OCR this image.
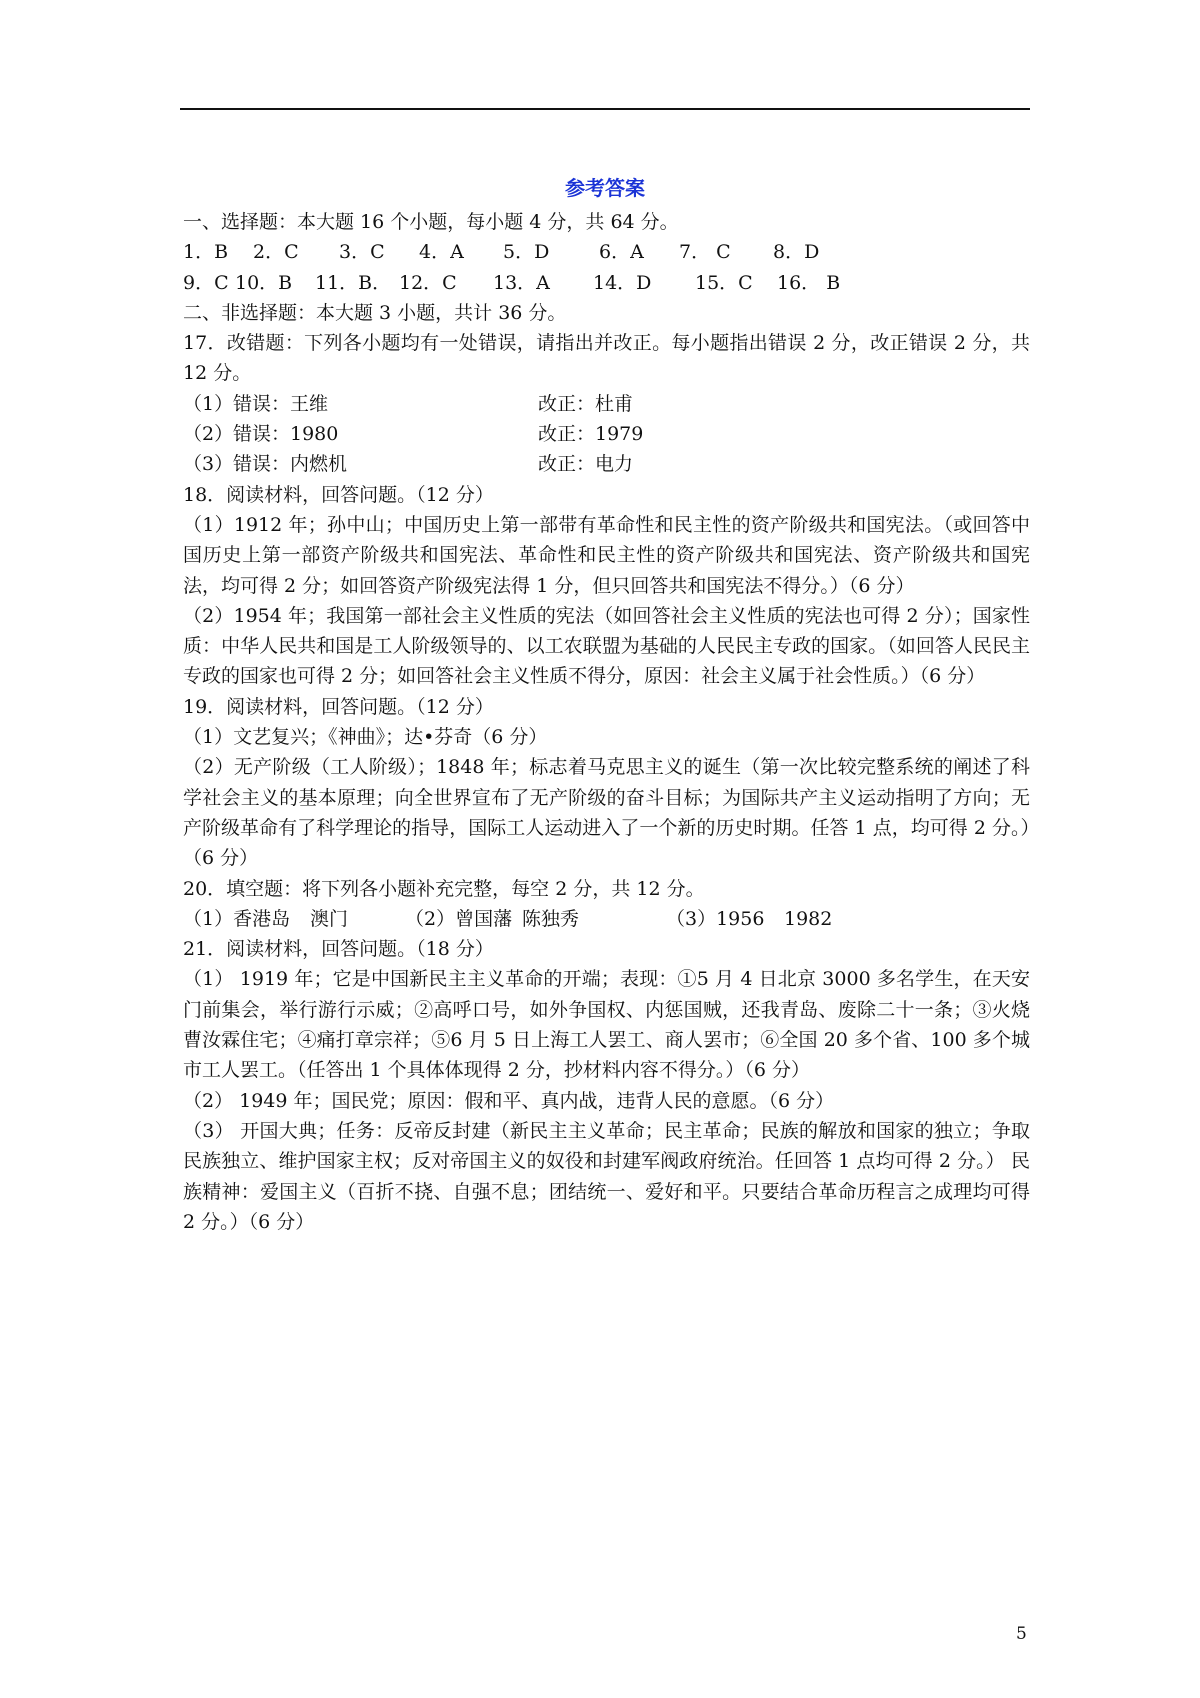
参考答案
一、选择题：本大题 16 个小题，每小题 4 分，共 64 分。
1．B 2．C 3．C 4．A 5．D	6．A 7． C 8．D
9．C 10．B 11．B． 12．C 13．A 14．D 15．C 16． B
二、非选择题：本大题 3 小题，共计 36 分。
17．改错题：下列各小题均有一处错误，请指出并改正。每小题指出错误 2 分，改正错误 2 分，共 12 分。
（1）错误：王维	改正：杜甫
（2）错误：1980	改正：1979
（3）错误：内燃机	改正：电力
18．阅读材料，回答问题。（12 分）
（1）1912 年；孙中山；中国历史上第一部带有革命性和民主性的资产阶级共和国宪法。（或回答中国历史上第一部资产阶级共和国宪法、革命性和民主性的资产阶级共和国宪法、资产阶级共和国宪法，均可得 2 分；如回答资产阶级宪法得 1 分，但只回答共和国宪法不得分。）（6 分）
（2）1954 年；我国第一部社会主义性质的宪法（如回答社会主义性质的宪法也可得 2 分）；国家性质：中华人民共和国是工人阶级领导的、以工农联盟为基础的人民民主专政的国家。（如回答人民民主专政的国家也可得 2 分；如回答社会主义性质不得分，原因：社会主义属于社会性质。）（6 分）
19．阅读材料，回答问题。（12 分）
（1）文艺复兴；《神曲》；达•芬奇（6 分）
（2）无产阶级（工人阶级）；1848 年；标志着马克思主义的诞生（第一次比较完整系统的阐述了科学社会主义的基本原理；向全世界宣布了无产阶级的奋斗目标；为国际共产主义运动指明了方向；无产阶级革命有了科学理论的指导，国际工人运动进入了一个新的历史时期。任答 1 点，均可得 2 分。）（6 分）
20．填空题：将下列各小题补充完整，每空 2 分，共 12 分。
（1）香港岛 澳门	（2）曾国藩 陈独秀	（3）1956 1982
21．阅读材料，回答问题。（18 分）
（1） 1919 年；它是中国新民主主义革命的开端；表现：①5 月 4 日北京 3000 多名学生，在天安门前集会，举行游行示威；②高呼口号，如外争国权、内惩国贼，还我青岛、废除二十一条；③火烧曹汝霖住宅；④痛打章宗祥；⑤6 月 5 日上海工人罢工、商人罢市；⑥全国 20 多个省、100 多个城市工人罢工。（任答出 1 个具体体现得 2 分，抄材料内容不得分。）（6 分）
（2） 1949 年；国民党；原因：假和平、真内战，违背人民的意愿。（6 分）
（3） 开国大典；任务：反帝反封建（新民主主义革命；民主革命；民族的解放和国家的独立；争取民族独立、维护国家主权；反对帝国主义的奴役和封建军阀政府统治。任回答 1 点均可得 2 分。） 民族精神：爱国主义（百折不挠、自强不息；团结统一、爱好和平。只要结合革命历程言之成理均可得 2 分。）（6 分）
5
